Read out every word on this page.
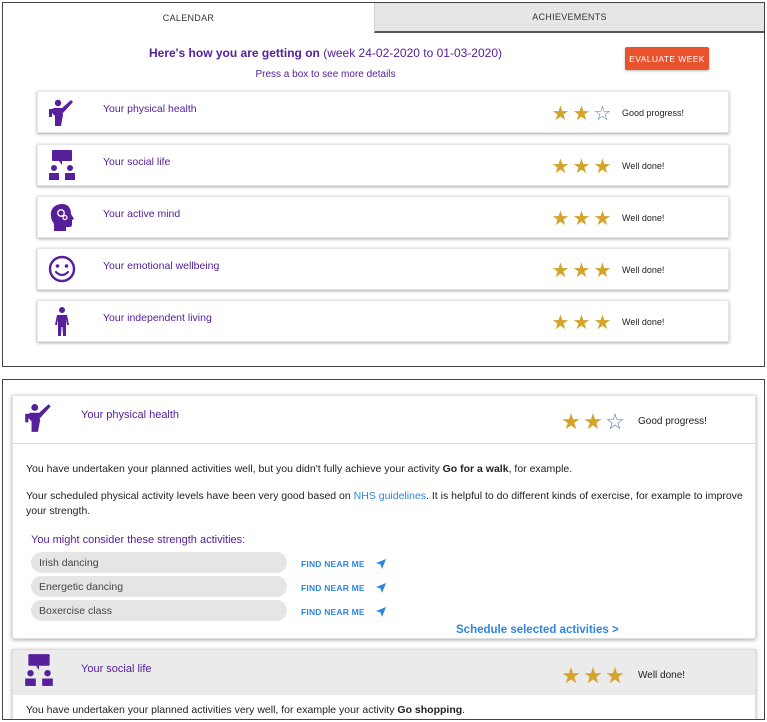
CALENDAR	ACHIEVEMENTS
Here's how you are getting on (week 24-02-2020 to 01-03-2020)
Press a box to see more details
EVALUATE WEEK
Your physical health	★ ★ ☆ Good progress!
Your social life	★ ★ ★ Well done!
Your active mind	★ ★ ★ Well done!
Your emotional wellbeing	★ ★ ★ Well done!
Your independent living	★ ★ ★ Well done!
Your physical health	★ ★ ☆ Good progress!
You have undertaken your planned activities well, but you didn't fully achieve your activity Go for a walk, for example.
Your scheduled physical activity levels have been very good based on NHS guidelines. It is helpful to do different kinds of exercise, for example to improve your strength.
You might consider these strength activities:
Irish dancing	FIND NEAR ME
Energetic dancing	FIND NEAR ME
Boxercise class	FIND NEAR ME
Schedule selected activities >
Your social life	★ ★ ★ Well done!
You have undertaken your planned activities very well, for example your activity Go shopping.
